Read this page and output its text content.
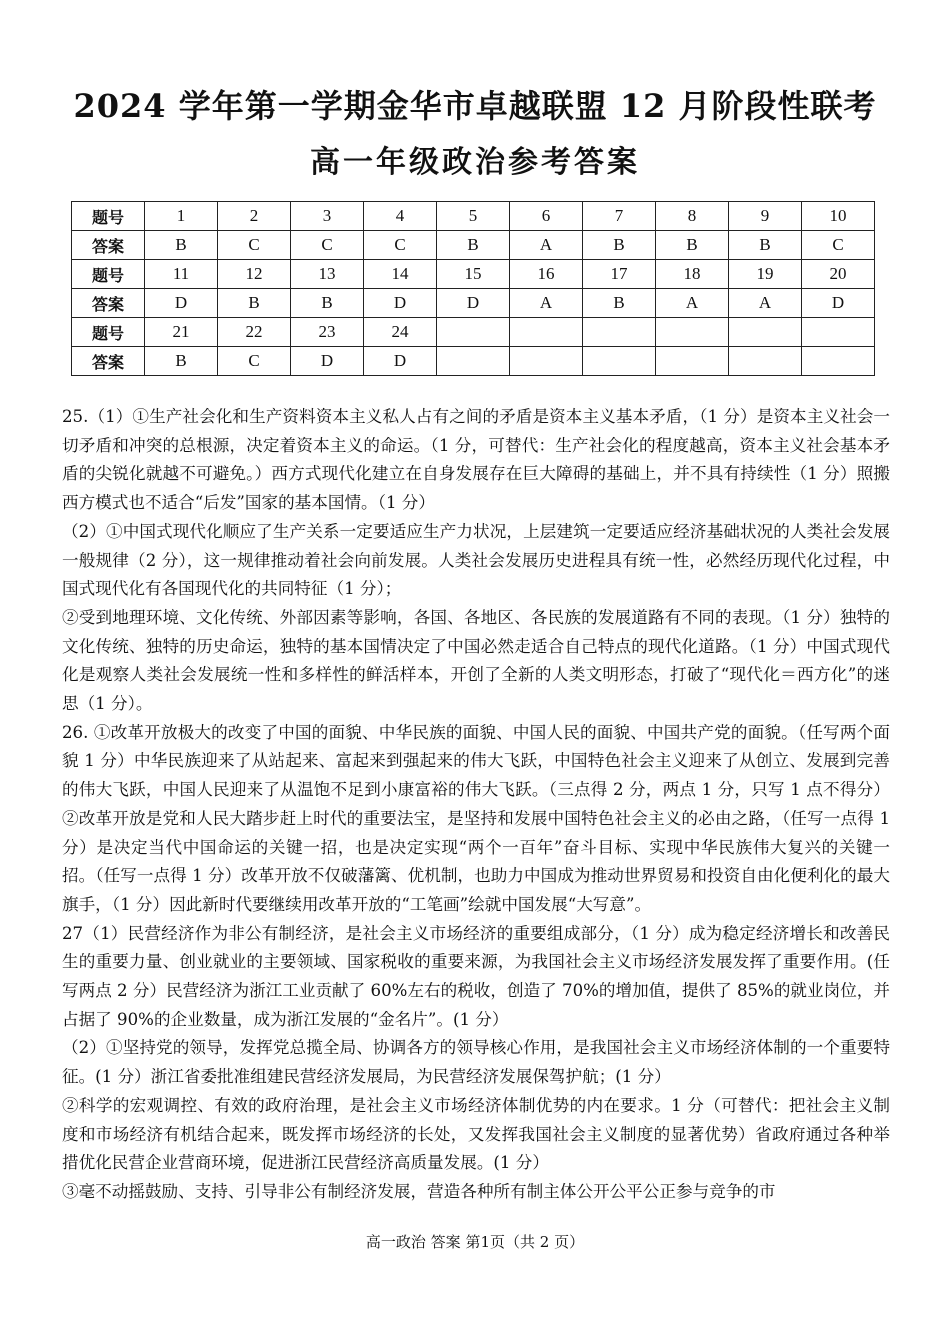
2024 学年第一学期金华市卓越联盟 12 月阶段性联考
高一年级政治参考答案
题号	1	2	3	4	5	6	7	8	9	10
答案	B	C	C	C	B	A	B	B	B	C
题号	11	12	13	14	15	16	17	18	19	20
答案	D	B	B	D	D	A	B	A	A	D
题号	21	22	23	24						
答案	B	C	D	D						

25.（1）①生产社会化和生产资料资本主义私人占有之间的矛盾是资本主义基本矛盾，（1 分）是资本主义社会一切矛盾和冲突的总根源，决定着资本主义的命运。（1 分，可替代：生产社会化的程度越高，资本主义社会基本矛盾的尖锐化就越不可避免。）西方式现代化建立在自身发展存在巨大障碍的基础上，并不具有持续性（1 分）照搬西方模式也不适合“后发”国家的基本国情。（1 分）

（2）①中国式现代化顺应了生产关系一定要适应生产力状况，上层建筑一定要适应经济基础状况的人类社会发展一般规律（2 分），这一规律推动着社会向前发展。人类社会发展历史进程具有统一性，必然经历现代化过程，中国式现代化有各国现代化的共同特征（1 分）；

②受到地理环境、文化传统、外部因素等影响，各国、各地区、各民族的发展道路有不同的表现。（1 分）独特的文化传统、独特的历史命运，独特的基本国情决定了中国必然走适合自己特点的现代化道路。（1 分）中国式现代化是观察人类社会发展统一性和多样性的鲜活样本，开创了全新的人类文明形态，打破了“现代化＝西方化”的迷思（1 分）。

26. ①改革开放极大的改变了中国的面貌、中华民族的面貌、中国人民的面貌、中国共产党的面貌。（任写两个面貌 1 分）中华民族迎来了从站起来、富起来到强起来的伟大飞跃，中国特色社会主义迎来了从创立、发展到完善的伟大飞跃，中国人民迎来了从温饱不足到小康富裕的伟大飞跃。（三点得 2 分，两点 1 分，只写 1 点不得分）②改革开放是党和人民大踏步赶上时代的重要法宝，是坚持和发展中国特色社会主义的必由之路，（任写一点得 1 分）是决定当代中国命运的关键一招，也是决定实现“两个一百年”奋斗目标、实现中华民族伟大复兴的关键一招。（任写一点得 1 分）改革开放不仅破藩篱、优机制，也助力中国成为推动世界贸易和投资自由化便利化的最大旗手，（1 分）因此新时代要继续用改革开放的“工笔画”绘就中国发展“大写意”。

27（1）民营经济作为非公有制经济，是社会主义市场经济的重要组成部分，（1 分）成为稳定经济增长和改善民生的重要力量、创业就业的主要领域、国家税收的重要来源，为我国社会主义市场经济发展发挥了重要作用。(任写两点 2 分）民营经济为浙江工业贡献了 60%左右的税收，创造了 70%的增加值，提供了 85%的就业岗位，并占据了 90%的企业数量，成为浙江发展的“金名片”。(1 分）

（2）①坚持党的领导，发挥党总揽全局、协调各方的领导核心作用，是我国社会主义市场经济体制的一个重要特征。(1 分）浙江省委批准组建民营经济发展局，为民营经济发展保驾护航；(1 分）

②科学的宏观调控、有效的政府治理，是社会主义市场经济体制优势的内在要求。1 分（可替代：把社会主义制度和市场经济有机结合起来，既发挥市场经济的长处，又发挥我国社会主义制度的显著优势）省政府通过各种举措优化民营企业营商环境，促进浙江民营经济高质量发展。(1 分）

③毫不动摇鼓励、支持、引导非公有制经济发展，营造各种所有制主体公开公平公正参与竞争的市

高一政治 答案 第1页（共 2 页）
